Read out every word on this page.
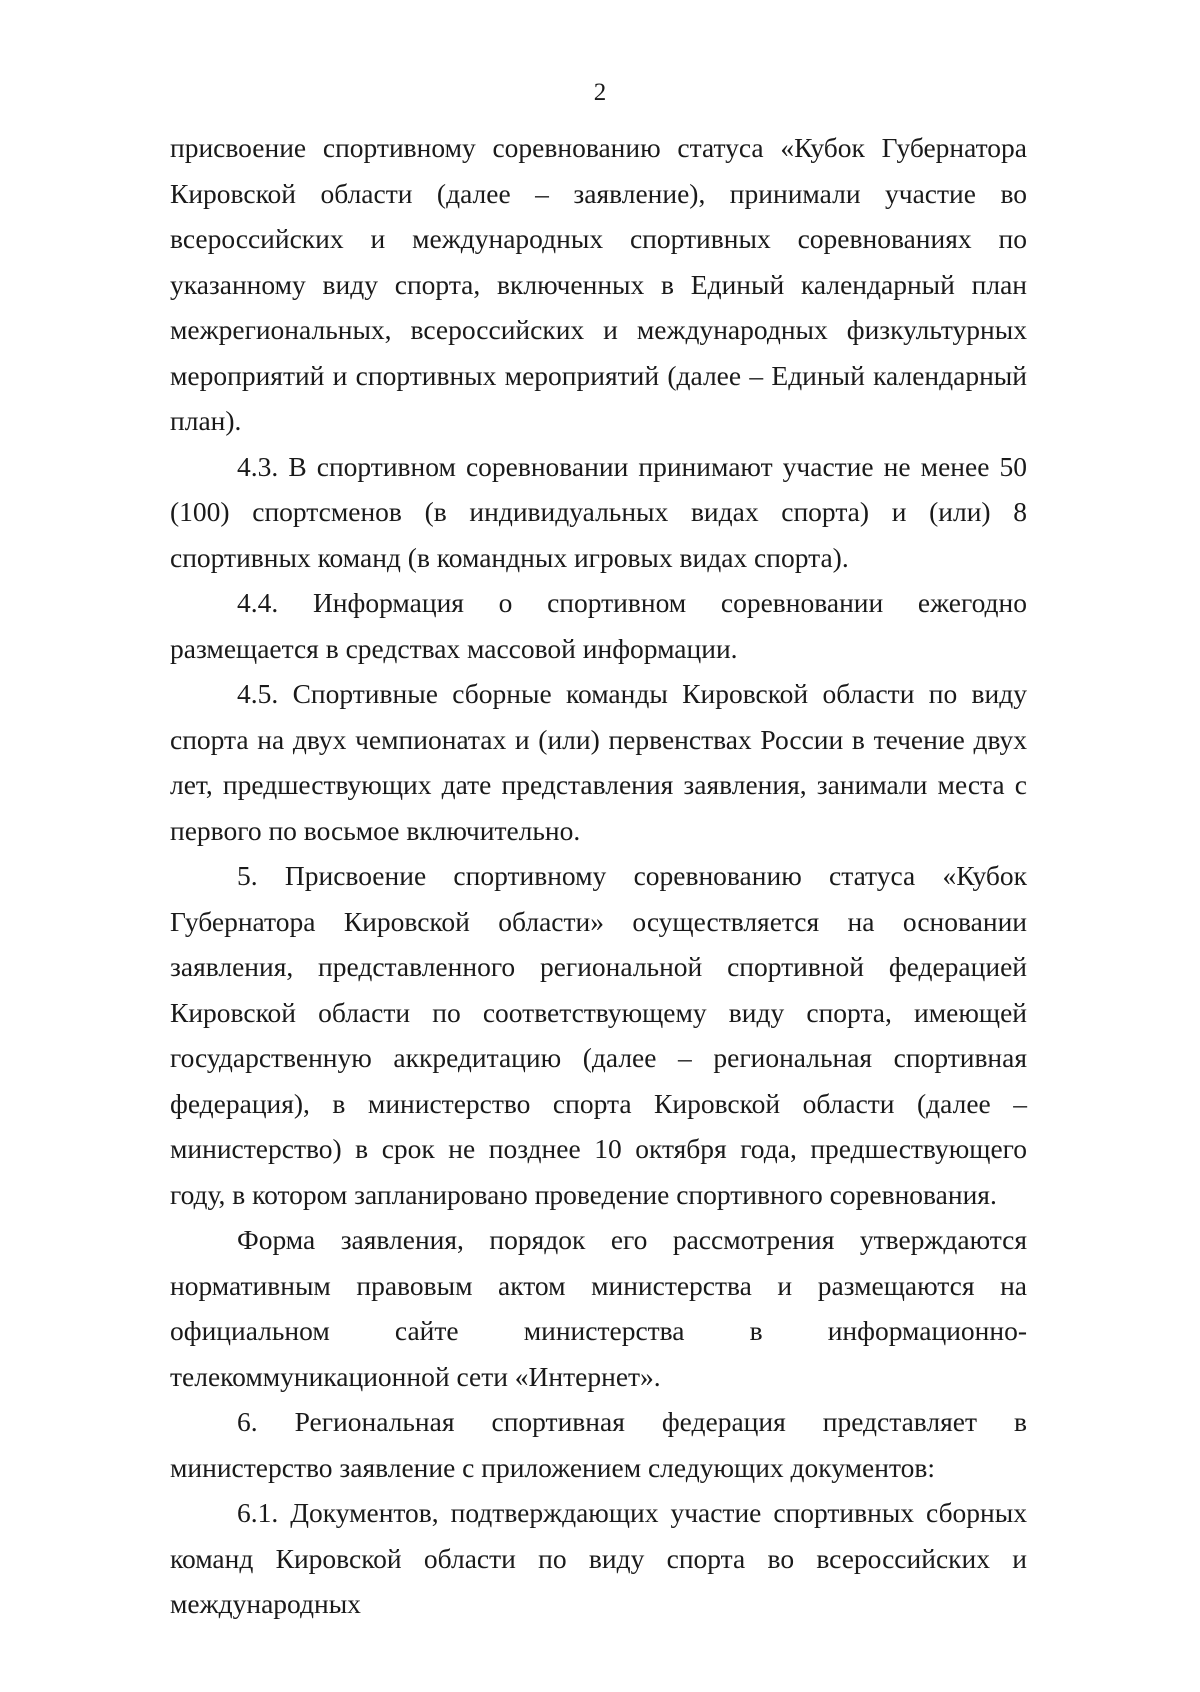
2

присвоение спортивному соревнованию статуса «Кубок Губернатора Кировской области (далее – заявление), принимали участие во всероссийских и международных спортивных соревнованиях по указанному виду спорта, включенных в Единый календарный план межрегиональных, всероссийских и международных физкультурных мероприятий и спортивных мероприятий (далее – Единый календарный план).

4.3. В спортивном соревновании принимают участие не менее 50 (100) спортсменов (в индивидуальных видах спорта) и (или) 8 спортивных команд (в командных игровых видах спорта).

4.4. Информация о спортивном соревновании ежегодно размещается в средствах массовой информации.

4.5. Спортивные сборные команды Кировской области по виду спорта на двух чемпионатах и (или) первенствах России в течение двух лет, предшествующих дате представления заявления, занимали места с первого по восьмое включительно.

5. Присвоение спортивному соревнованию статуса «Кубок Губернатора Кировской области» осуществляется на основании заявления, представленного региональной спортивной федерацией Кировской области по соответствующему виду спорта, имеющей государственную аккредитацию (далее – региональная спортивная федерация), в министерство спорта Кировской области (далее – министерство) в срок не позднее 10 октября года, предшествующего году, в котором запланировано проведение спортивного соревнования.

Форма заявления, порядок его рассмотрения утверждаются нормативным правовым актом министерства и размещаются на официальном сайте министерства в информационно-телекоммуникационной сети «Интернет».

6. Региональная спортивная федерация представляет в министерство заявление с приложением следующих документов:

6.1. Документов, подтверждающих участие спортивных сборных команд Кировской области по виду спорта во всероссийских и международных
